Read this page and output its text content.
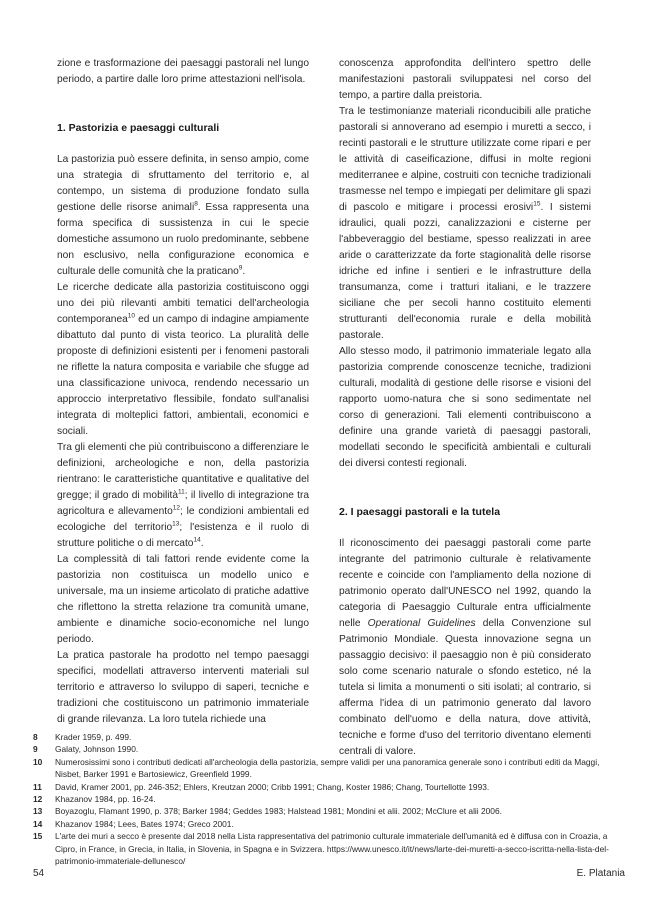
zione e trasformazione dei paesaggi pastorali nel lungo periodo, a partire dalle loro prime attestazioni nell'isola.

1. Pastorizia e paesaggi culturali

La pastorizia può essere definita, in senso ampio, come una strategia di sfruttamento del territorio e, al contempo, un sistema di produzione fondato sulla gestione delle risorse animali$^8$. Essa rappresenta una forma specifica di sussistenza in cui le specie domestiche assumono un ruolo predominante, sebbene non esclusivo, nella configurazione economica e culturale delle comunità che la praticano$^9$.

Le ricerche dedicate alla pastorizia costituiscono oggi uno dei più rilevanti ambiti tematici dell'archeologia contemporanea$^{10}$ ed un campo di indagine ampiamente dibattuto dal punto di vista teorico. La pluralità delle proposte di definizioni esistenti per i fenomeni pastorali ne riflette la natura composita e variabile che sfugge ad una classificazione univoca, rendendo necessario un approccio interpretativo flessibile, fondato sull'analisi integrata di molteplici fattori, ambientali, economici e sociali.

Tra gli elementi che più contribuiscono a differenziare le definizioni, archeologiche e non, della pastorizia rientrano: le caratteristiche quantitative e qualitative del gregge; il grado di mobilità$^{11}$; il livello di integrazione tra agricoltura e allevamento$^{12}$; le condizioni ambientali ed ecologiche del territorio$^{13}$; l'esistenza e il ruolo di strutture politiche o di mercato$^{14}$.

La complessità di tali fattori rende evidente come la pastorizia non costituisca un modello unico e universale, ma un insieme articolato di pratiche adattive che riflettono la stretta relazione tra comunità umane, ambiente e dinamiche socio-economiche nel lungo periodo.

La pratica pastorale ha prodotto nel tempo paesaggi specifici, modellati attraverso interventi materiali sul territorio e attraverso lo sviluppo di saperi, tecniche e tradizioni che costituiscono un patrimonio immateriale di grande rilevanza. La loro tutela richiede una

conoscenza approfondita dell'intero spettro delle manifestazioni pastorali sviluppatesi nel corso del tempo, a partire dalla preistoria.

Tra le testimonianze materiali riconducibili alle pratiche pastorali si annoverano ad esempio i muretti a secco, i recinti pastorali e le strutture utilizzate come ripari e per le attività di caseificazione, diffusi in molte regioni mediterranee e alpine, costruiti con tecniche tradizionali trasmesse nel tempo e impiegati per delimitare gli spazi di pascolo e mitigare i processi erosivi$^{15}$. I sistemi idraulici, quali pozzi, canalizzazioni e cisterne per l'abbeveraggio del bestiame, spesso realizzati in aree aride o caratterizzate da forte stagionalità delle risorse idriche ed infine i sentieri e le infrastrutture della transumanza, come i tratturi italiani, e le trazzere siciliane che per secoli hanno costituito elementi strutturanti dell'economia rurale e della mobilità pastorale.

Allo stesso modo, il patrimonio immateriale legato alla pastorizia comprende conoscenze tecniche, tradizioni culturali, modalità di gestione delle risorse e visioni del rapporto uomo-natura che si sono sedimentate nel corso di generazioni. Tali elementi contribuiscono a definire una grande varietà di paesaggi pastorali, modellati secondo le specificità ambientali e culturali dei diversi contesti regionali.

2. I paesaggi pastorali e la tutela

Il riconoscimento dei paesaggi pastorali come parte integrante del patrimonio culturale è relativamente recente e coincide con l'ampliamento della nozione di patrimonio operato dall'UNESCO nel 1992, quando la categoria di Paesaggio Culturale entra ufficialmente nelle Operational Guidelines della Convenzione sul Patrimonio Mondiale. Questa innovazione segna un passaggio decisivo: il paesaggio non è più considerato solo come scenario naturale o sfondo estetico, né la tutela si limita a monumenti o siti isolati; al contrario, si afferma l'idea di un patrimonio generato dal lavoro combinato dell'uomo e della natura, dove attività, tecniche e forme d'uso del territorio diventano elementi centrali di valore.

8	Krader 1959, p. 499.
9	Galaty, Johnson 1990.
10	Numerosissimi sono i contributi dedicati all'archeologia della pastorizia, sempre validi per una panoramica generale sono i contributi editi da Maggi, Nisbet, Barker 1991 e Bartosiewicz, Greenfield 1999.
11	David, Kramer 2001, pp. 246-352; Ehlers, Kreutzan 2000; Cribb 1991; Chang, Koster 1986; Chang, Tourtellotte 1993.
12	Khazanov 1984, pp. 16-24.
13	Boyazoglu, Flamant 1990, p. 378; Barker 1984; Geddes 1983; Halstead 1981; Mondini et alii. 2002; McClure et alii 2006.
14	Khazanov 1984; Lees, Bates 1974; Greco 2001.
15	L'arte dei muri a secco è presente dal 2018 nella Lista rappresentativa del patrimonio culturale immateriale dell'umanità ed è diffusa con in Croazia, a Cipro, in France, in Grecia, in Italia, in Slovenia, in Spagna e in Svizzera. https://www.unesco.it/it/news/larte-dei-muretti-a-secco-iscritta-nella-lista-del-patrimonio-immateriale-dellunesco/
54	E. Platania
